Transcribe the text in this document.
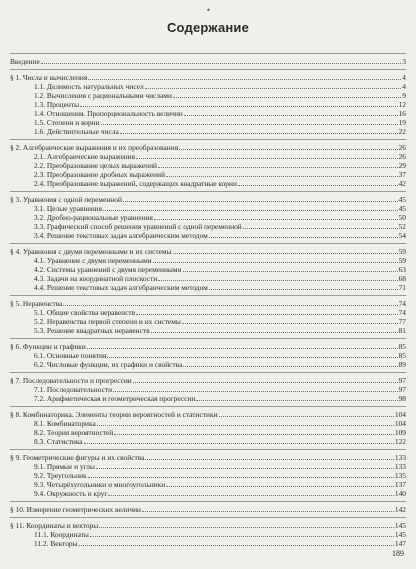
•
Содержание
Введение	3
§ 1. Числа и вычисления	4
1.1. Делимость натуральных чисел	4
1.2. Вычисления с рациональными числами	9
1.3. Проценты	12
1.4. Отношения. Пропорциональность величин	16
1.5. Степени и корни	19
1.6. Действительные числа	22
§ 2. Алгебраические выражения и их преобразования	26
2.1. Алгебраические выражения	26
2.2. Преобразование целых выражений	29
2.3. Преобразование дробных выражений	37
2.4. Преобразование выражений, содержащих квадратные корни	42
§ 3. Уравнения с одной переменной	45
3.1. Целые уравнения	45
3.2. Дробно-рациональные уравнения	50
3.3. Графический способ решения уравнений с одной переменной	52
3.4. Решение текстовых задач алгебраическим методом	54
§ 4. Уравнения с двумя переменными и их системы	59
4.1. Уравнение с двумя переменными	59
4.2. Системы уравнений с двумя переменными	63
4.3. Задачи на координатной плоскости	68
4.4. Решение текстовых задач алгебраическим методом	71
§ 5. Неравенства	74
5.1. Общие свойства неравенств	74
5.2. Неравенства первой степени и их системы	77
5.3. Решение квадратных неравенств	81
§ 6. Функции и графики	85
6.1. Основные понятия	85
6.2. Числовые функции, их графики и свойства	89
§ 7. Последовательности и прогрессии	97
7.1. Последовательности	97
7.2. Арифметическая и геометрическая прогрессии	98
§ 8. Комбинаторика. Элементы теории вероятностей и статистики	104
8.1. Комбинаторика	104
8.2. Теория вероятностей	109
8.3. Статистика	122
§ 9. Геометрические фигуры и их свойства	133
9.1. Прямые и углы	133
9.2. Треугольник	135
9.3. Четырёхугольники и многоугольники	137
9.4. Окружность и круг	140
§ 10. Измерение геометрических величин	142
§ 11. Координаты и векторы	145
11.1. Координаты	145
11.2. Векторы	147
189
